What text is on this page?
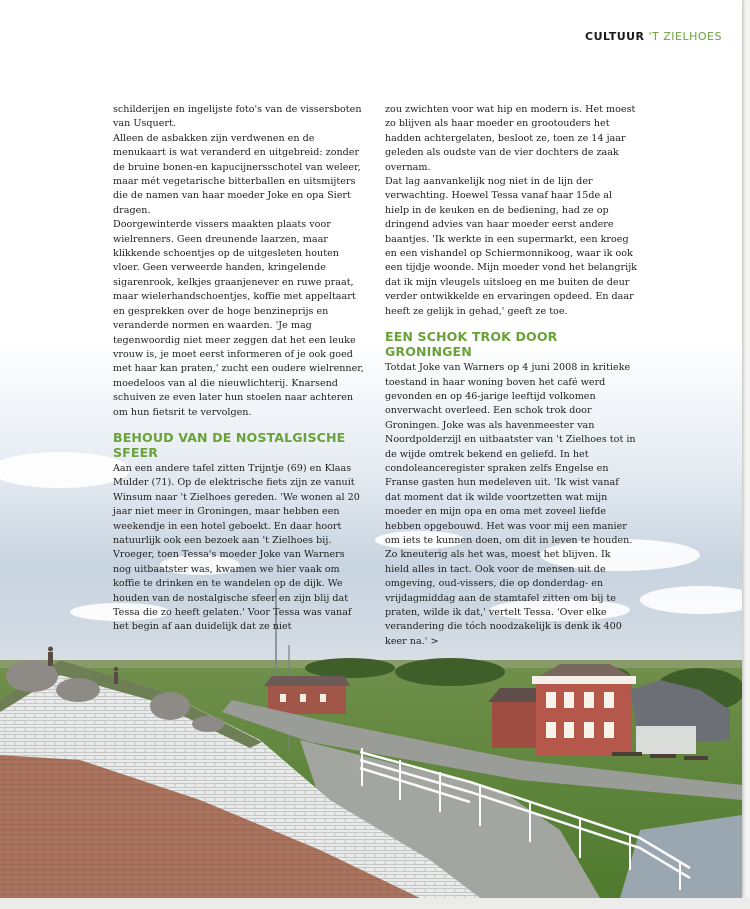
CULTUUR 'T ZIELHOES

schilderijen en ingelijste foto's van de vissersboten van Usquert.

Alleen de asbakken zijn verdwenen en de menukaart is wat veranderd en uitgebreid: zonder de bruine bonen-en kapucijnersschotel van weleer, maar mét vegetarische bitterballen en uitsmijters die de namen van haar moeder Joke en opa Siert dragen.

Doorgewinterde vissers maakten plaats voor wielrenners. Geen dreunende laarzen, maar klikkende schoentjes op de uitgesleten houten vloer. Geen verweerde handen, kringelende sigarenrook, kelkjes graanjenever en ruwe praat, maar wielerhandschoentjes, koffie met appeltaart en gesprekken over de hoge benzineprijs en veranderde normen en waarden. 'Je mag tegenwoordig niet meer zeggen dat het een leuke vrouw is, je moet eerst informeren of je ook goed met haar kan praten,' zucht een oudere wielrenner, moedeloos van al die nieuwlichterij. Knarsend schuiven ze even later hun stoelen naar achteren om hun fietsrit te vervolgen.

BEHOUD VAN DE NOSTALGISCHE SFEER

Aan een andere tafel zitten Trijntje (69) en Klaas Mulder (71). Op de elektrische fiets zijn ze vanuit Winsum naar 't Zielhoes gereden. 'We wonen al 20 jaar niet meer in Groningen, maar hebben een weekendje in een hotel geboekt. En daar hoort natuurlijk ook een bezoek aan 't Zielhoes bij. Vroeger, toen Tessa's moeder Joke van Warners nog uitbaatster was, kwamen we hier vaak om koffie te drinken en te wandelen op de dijk. We houden van de nostalgische sfeer en zijn blij dat Tessa die zo heeft gelaten.' Voor Tessa was vanaf het begin af aan duidelijk dat ze niet

zou zwichten voor wat hip en modern is. Het moest zo blijven als haar moeder en grootouders het hadden achtergelaten, besloot ze, toen ze 14 jaar geleden als oudste van de vier dochters de zaak overnam.

Dat lag aanvankelijk nog niet in de lijn der verwachting. Hoewel Tessa vanaf haar 15de al hielp in de keuken en de bediening, had ze op dringend advies van haar moeder eerst andere baantjes. 'Ik werkte in een supermarkt, een kroeg en een vishandel op Schiermonnikoog, waar ik ook een tijdje woonde. Mijn moeder vond het belangrijk dat ik mijn vleugels uitsloeg en me buiten de deur verder ontwikkelde en ervaringen opdeed. En daar heeft ze gelijk in gehad,' geeft ze toe.

EEN SCHOK TROK DOOR GRONINGEN

Totdat Joke van Warners op 4 juni 2008 in kritieke toestand in haar woning boven het café werd gevonden en op 46-jarige leeftijd volkomen onverwacht overleed. Een schok trok door Groningen. Joke was als havenmeester van Noordpolderzijl en uitbaatster van 't Zielhoes tot in de wijde omtrek bekend en geliefd. In het condoleanceregister spraken zelfs Engelse en Franse gasten hun medeleven uit. 'Ik wist vanaf dat moment dat ik wilde voortzetten wat mijn moeder en mijn opa en oma met zoveel liefde hebben opgebouwd. Het was voor mij een manier om iets te kunnen doen, om dit in leven te houden. Zo kneuterig als het was, moest het blijven. Ik hield alles in tact. Ook voor de mensen uit de omgeving, oud-vissers, die op donderdag- en vrijdagmiddag aan de stamtafel zitten om bij te praten, wilde ik dat,' vertelt Tessa. 'Over elke verandering die tóch noodzakelijk is denk ik 400 keer na.' >
